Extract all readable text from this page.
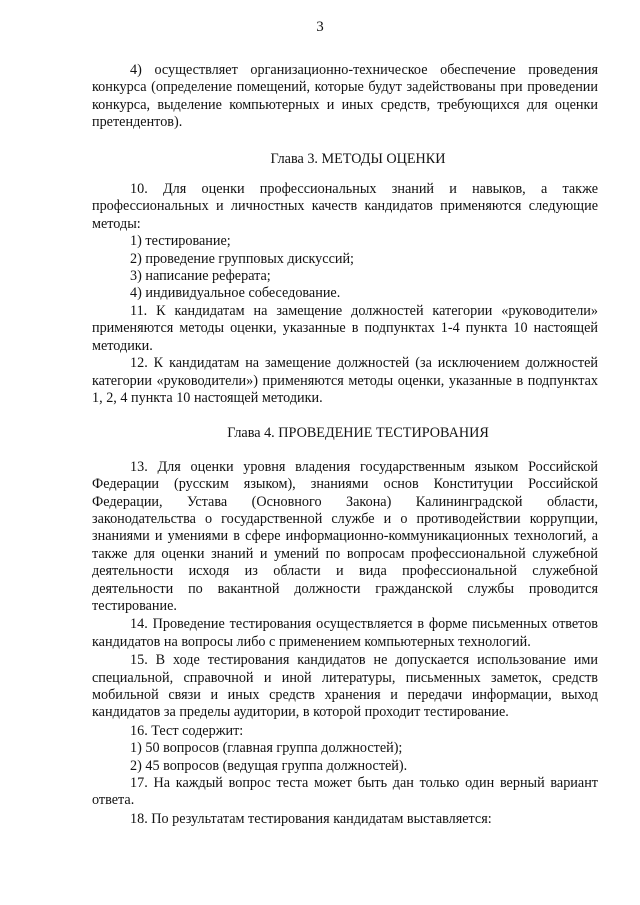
3

4) осуществляет организационно-техническое обеспечение проведения конкурса (определение помещений, которые будут задействованы при проведении конкурса, выделение компьютерных и иных средств, требующихся для оценки претендентов).

Глава 3. МЕТОДЫ ОЦЕНКИ

10. Для оценки профессиональных знаний и навыков, а также профессиональных и личностных качеств кандидатов применяются следующие методы:

1) тестирование;

2) проведение групповых дискуссий;

3) написание реферата;

4) индивидуальное собеседование.

11. К кандидатам на замещение должностей категории «руководители» применяются методы оценки, указанные в подпунктах 1-4 пункта 10 настоящей методики.

12. К кандидатам на замещение должностей (за исключением должностей категории «руководители») применяются методы оценки, указанные в подпунктах 1, 2, 4 пункта 10 настоящей методики.

Глава 4. ПРОВЕДЕНИЕ ТЕСТИРОВАНИЯ

13. Для оценки уровня владения государственным языком Российской Федерации (русским языком), знаниями основ Конституции Российской Федерации, Устава (Основного Закона) Калининградской области, законодательства о государственной службе и о противодействии коррупции, знаниями и умениями в сфере информационно-коммуникационных технологий, а также для оценки знаний и умений по вопросам профессиональной служебной деятельности исходя из области и вида профессиональной служебной деятельности по вакантной должности гражданской службы проводится тестирование.

14. Проведение тестирования осуществляется в форме письменных ответов кандидатов на вопросы либо с применением компьютерных технологий.

15. В ходе тестирования кандидатов не допускается использование ими специальной, справочной и иной литературы, письменных заметок, средств мобильной связи и иных средств хранения и передачи информации, выход кандидатов за пределы аудитории, в которой проходит тестирование.

16. Тест содержит:

1) 50 вопросов (главная группа должностей);

2) 45 вопросов (ведущая группа должностей).

17. На каждый вопрос теста может быть дан только один верный вариант ответа.

18. По результатам тестирования кандидатам выставляется:
